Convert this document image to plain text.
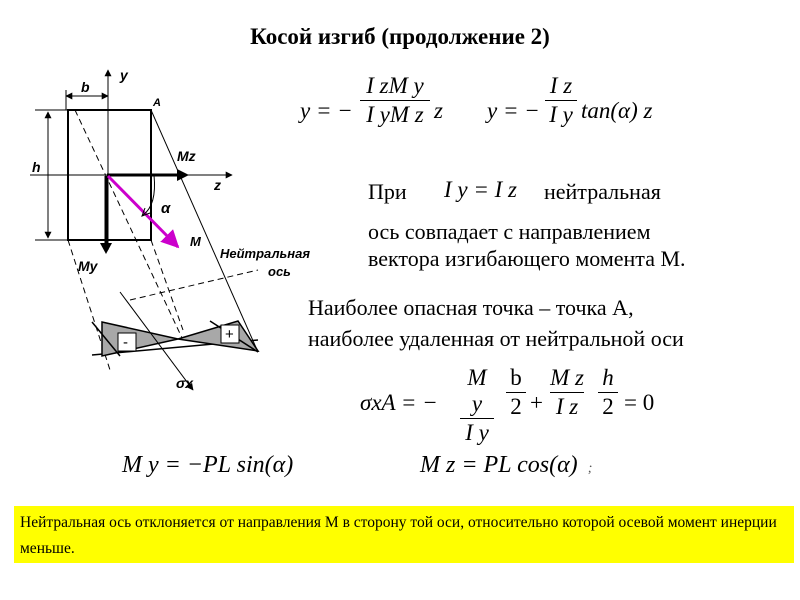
Косой изгиб (продолжение 2)
b
y
A
h
Mz
z
α
M
My
Нейтральная
ось
-	+
σx
y = −
I zM y
I yM z z y = −
I z
I y tan(α) z
При I y = I z нейтральная
ось совпадает с направлением
вектора изгибающего момента М.
Наиболее опасная точка – точка А,
наиболее удаленная от нейтральной оси
σxA = −
M y
I y
b
2 +
M z
I z
h
2 = 0
M y = −PL sin(α)	M z = PL cos(α) ;
Нейтральная ось отклоняется от направления М в сторону той оси, относительно которой осевой момент инерции меньше.
